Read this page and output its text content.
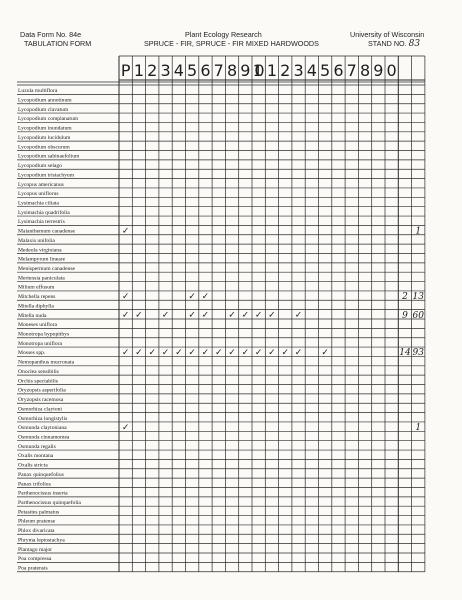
Data Form No. 84e
TABULATION FORM
Plant Ecology Research
SPRUCE - FIR, SPRUCE - FIR MIXED HARDWOODS
University of Wisconsin
STAND NO. 83
P 1 2 3 4 5 6 7 8 9 10 1 2 3 4 5 6 7 8 9 0
Luzula multiflora
Lycopodium annotinum
Lycopodium clavatum
Lycopodium complanatum
Lycopodium inundatum
Lycopodium lucidulum
Lycopodium obscurum
Lycopodium sabinaefolium
Lycopodium selago
Lycopodium tristachyum
Lycopus americanus
Lycopus uniflorus
Lysimachia ciliata
Lysimachia quadrifolia
Lysimachia terrestris
Maianthemum canadense
Malaxis unifolia
Medeola virginiana
Melampyrum lineare
Menispermum canadense
Mertensia paniculata
Milium effusum
Mitchella repens
Mitella diphylla
Mitella nuda
Moneses uniflora
Monotropa hypopithys
Monotropa uniflora
Mosses spp.
Nemopanthus mucronata
Onoclea sensibilis
Orchis spectabilis
Oryzopsis asperifolia
Oryzopsis racemosa
Osmorhiza claytoni
Osmorhiza longistylis
Osmunda claytoniana
Osmunda cinnamomea
Osmunda regalis
Oxalis montana
Oxalis stricta
Panax quinquefolius
Panax trifolius
Parthenocissus inserta
Parthenocissus quinquefolia
Petasites palmatus
Phleum pratense
Phlox divaricata
Phryma leptostachya
Plantago major
Poa compressa
Poa pratensis
✓
✓	✓ ✓
✓ ✓ ✓ ✓ ✓ ✓ ✓ ✓ ✓ ✓
✓ ✓ ✓ ✓ ✓ ✓ ✓ ✓ ✓ ✓ ✓ ✓ ✓ ✓ ✓
✓
1
2 13
9 60
14 93
1
